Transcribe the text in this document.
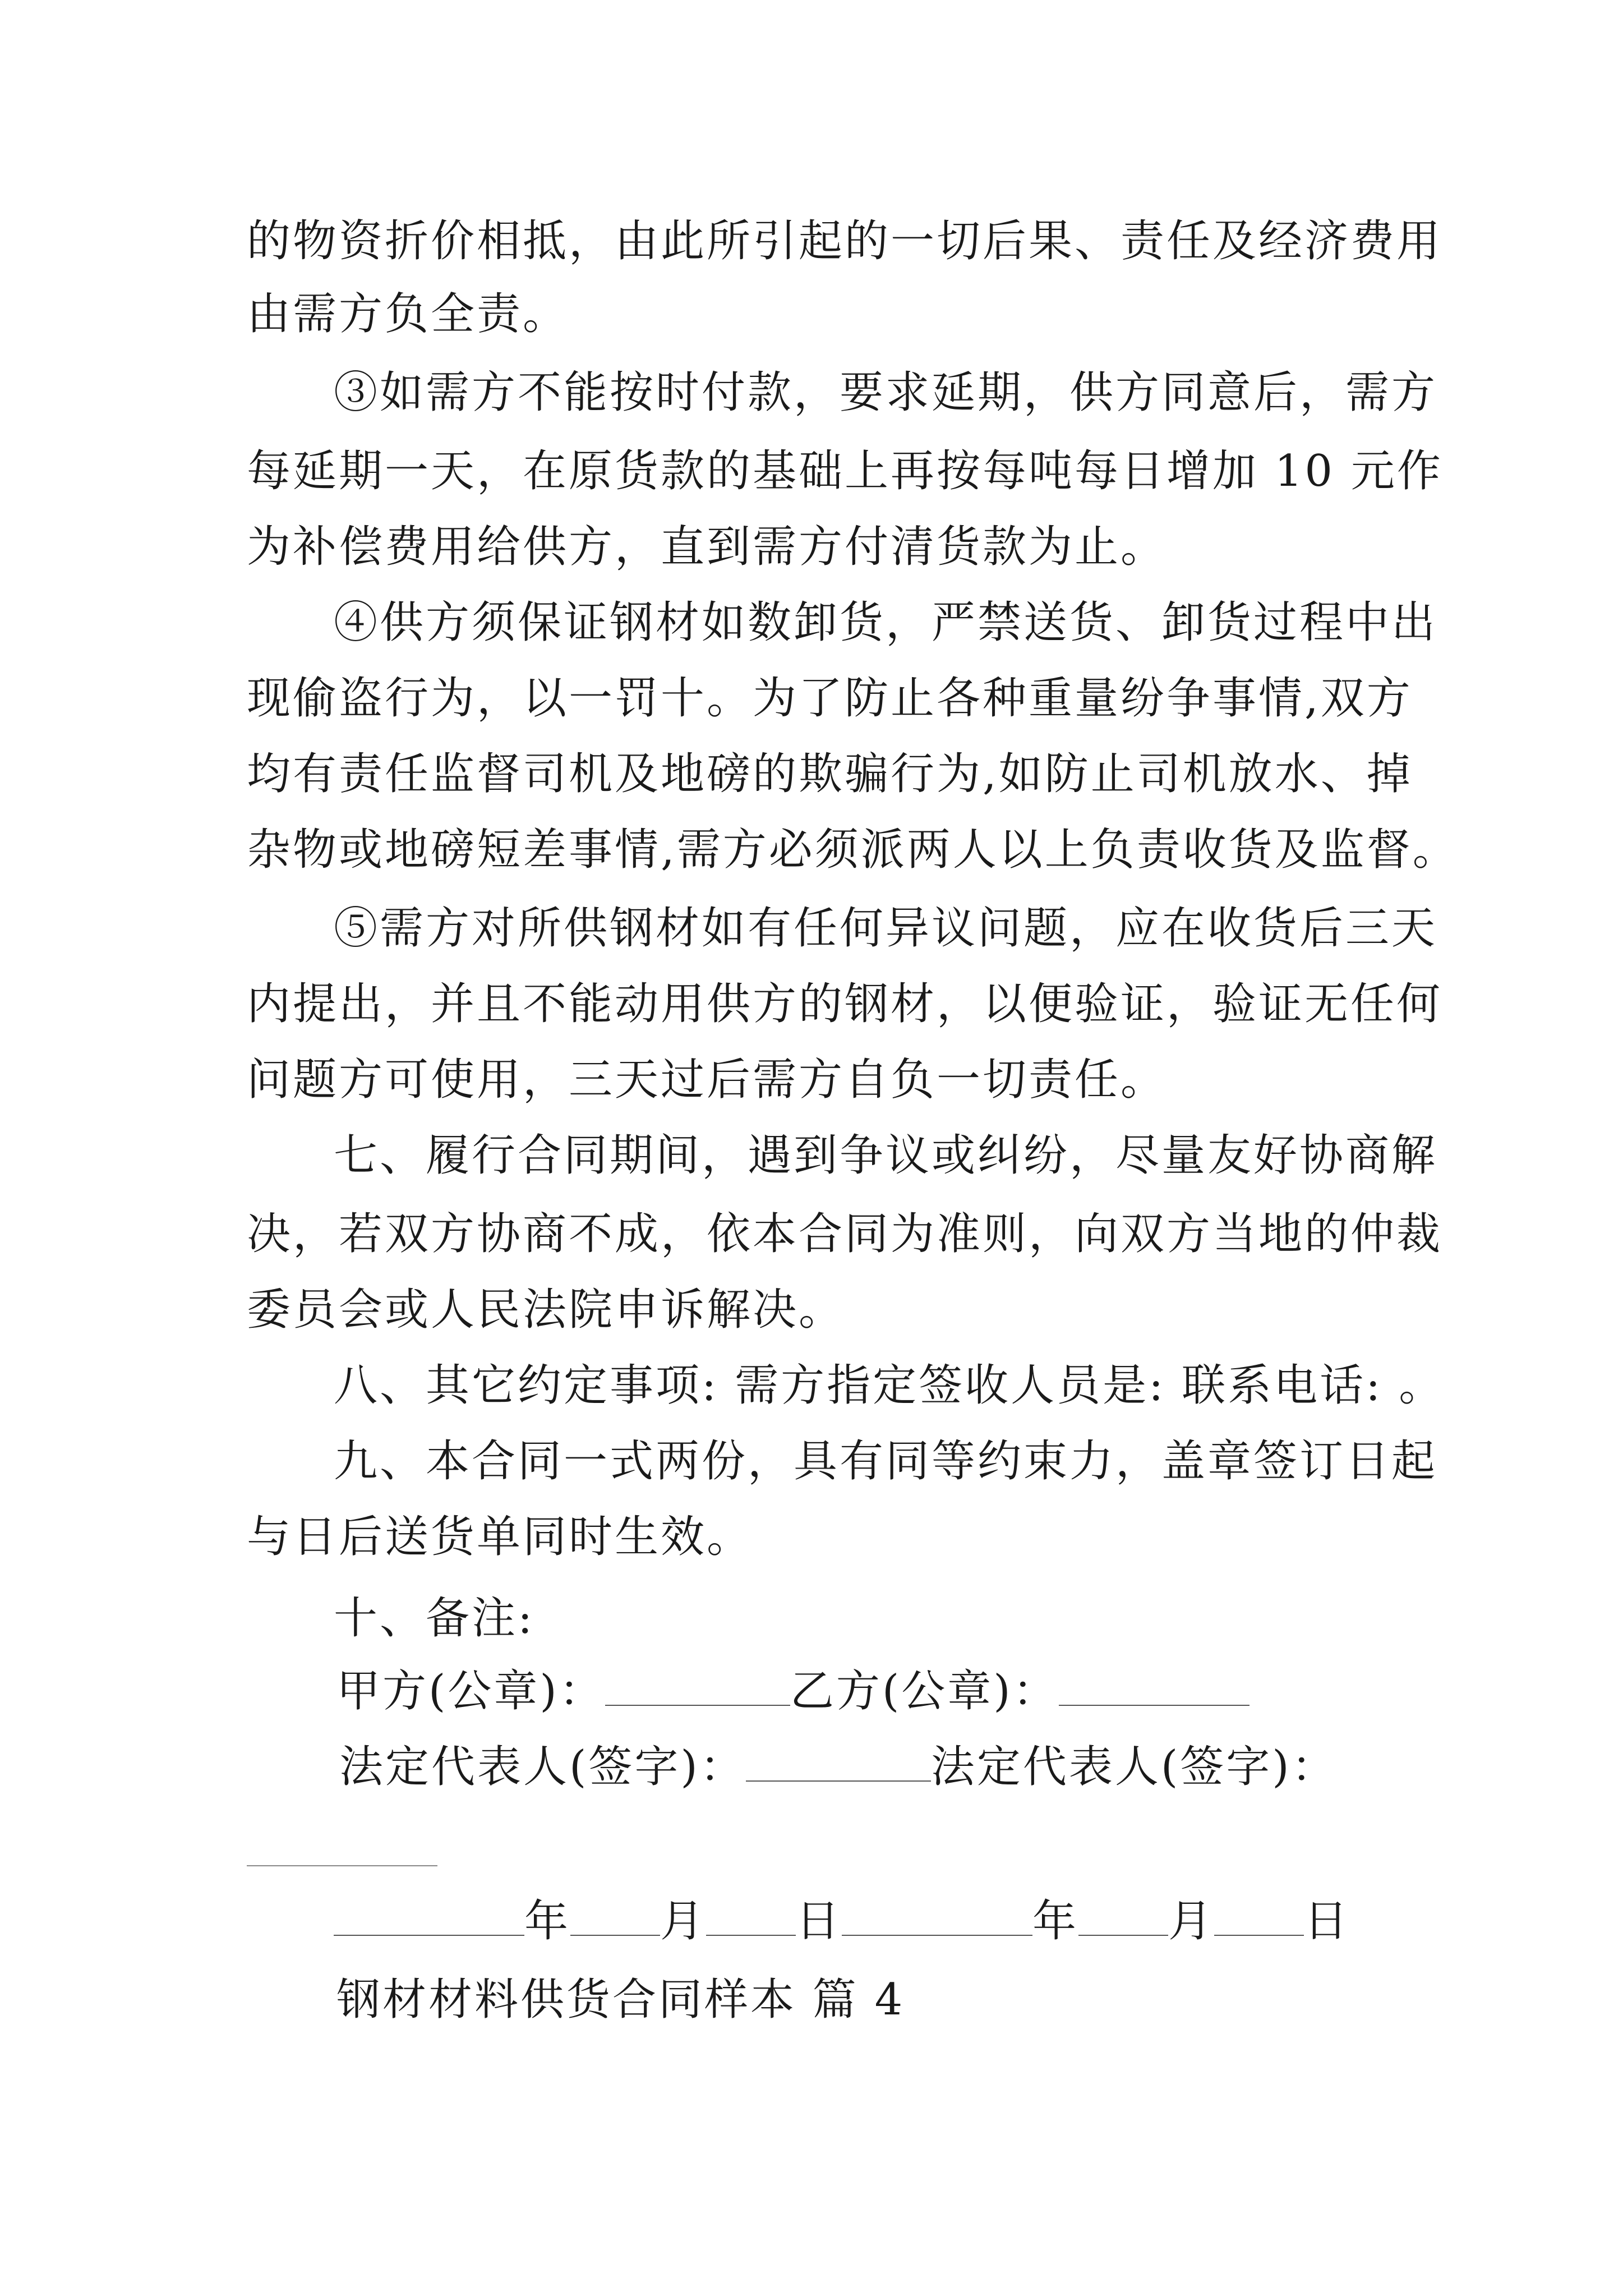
的物资折价相抵，由此所引起的一切后果、责任及经济费用
由需方负全责。
③如需方不能按时付款，要求延期，供方同意后，需方
每延期一天，在原货款的基础上再按每吨每日增加 10 元作
为补偿费用给供方，直到需方付清货款为止。
④供方须保证钢材如数卸货，严禁送货、卸货过程中出
现偷盗行为，以一罚十。为了防止各种重量纷争事情,双方
均有责任监督司机及地磅的欺骗行为,如防止司机放水、掉
杂物或地磅短差事情,需方必须派两人以上负责收货及监督。
⑤需方对所供钢材如有任何异议问题，应在收货后三天
内提出，并且不能动用供方的钢材，以便验证，验证无任何
问题方可使用，三天过后需方自负一切责任。
七、履行合同期间，遇到争议或纠纷，尽量友好协商解
决，若双方协商不成，依本合同为准则，向双方当地的仲裁
委员会或人民法院申诉解决。
八、其它约定事项: 需方指定签收人员是: 联系电话: 。
九、本合同一式两份，具有同等约束力，盖章签订日起
与日后送货单同时生效。
十、备注:
甲方(公章)：	乙方(公章)：
法定代表人(签字)：	法定代表人(签字)：
年 月 日	年 月 日
钢材材料供货合同样本 篇 4
